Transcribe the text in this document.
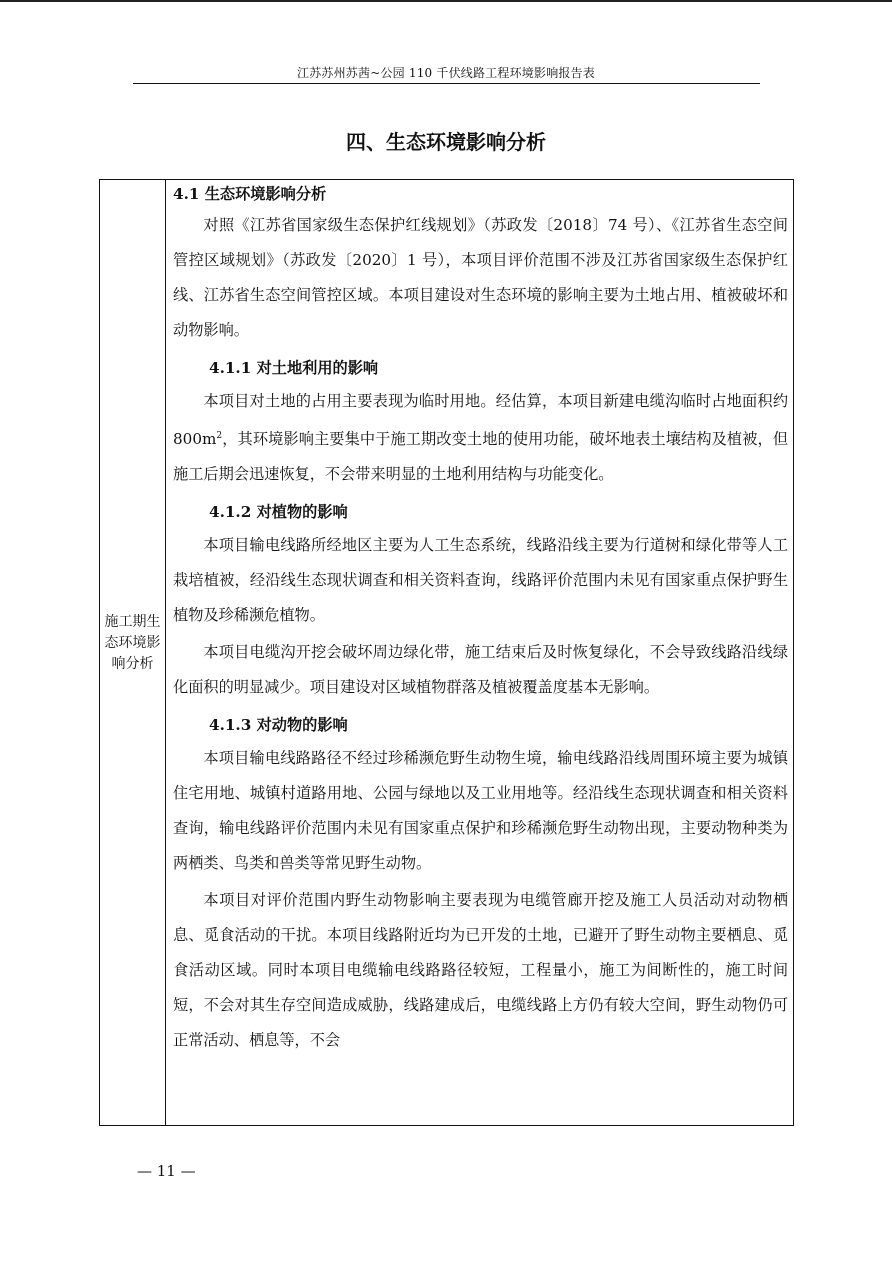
江苏苏州苏茜~公园 110 千伏线路工程环境影响报告表
四、生态环境影响分析
施工期生态环境影响分析
4.1 生态环境影响分析
对照《江苏省国家级生态保护红线规划》（苏政发〔2018〕74 号）、《江苏省生态空间管控区域规划》（苏政发〔2020〕1 号），本项目评价范围不涉及江苏省国家级生态保护红线、江苏省生态空间管控区域。本项目建设对生态环境的影响主要为土地占用、植被破坏和动物影响。
4.1.1 对土地利用的影响
本项目对土地的占用主要表现为临时用地。经估算，本项目新建电缆沟临时占地面积约 $800m^2$，其环境影响主要集中于施工期改变土地的使用功能，破坏地表土壤结构及植被，但施工后期会迅速恢复，不会带来明显的土地利用结构与功能变化。
4.1.2 对植物的影响
本项目输电线路所经地区主要为人工生态系统，线路沿线主要为行道树和绿化带等人工栽培植被，经沿线生态现状调查和相关资料查询，线路评价范围内未见有国家重点保护野生植物及珍稀濒危植物。
本项目电缆沟开挖会破坏周边绿化带，施工结束后及时恢复绿化，不会导致线路沿线绿化面积的明显减少。项目建设对区域植物群落及植被覆盖度基本无影响。
4.1.3 对动物的影响
本项目输电线路路径不经过珍稀濒危野生动物生境，输电线路沿线周围环境主要为城镇住宅用地、城镇村道路用地、公园与绿地以及工业用地等。经沿线生态现状调查和相关资料查询，输电线路评价范围内未见有国家重点保护和珍稀濒危野生动物出现，主要动物种类为两栖类、鸟类和兽类等常见野生动物。
本项目对评价范围内野生动物影响主要表现为电缆管廊开挖及施工人员活动对动物栖息、觅食活动的干扰。本项目线路附近均为已开发的土地，已避开了野生动物主要栖息、觅食活动区域。同时本项目电缆输电线路路径较短，工程量小，施工为间断性的，施工时间短，不会对其生存空间造成威胁，线路建成后，电缆线路上方仍有较大空间，野生动物仍可正常活动、栖息等，不会
— 11 —
